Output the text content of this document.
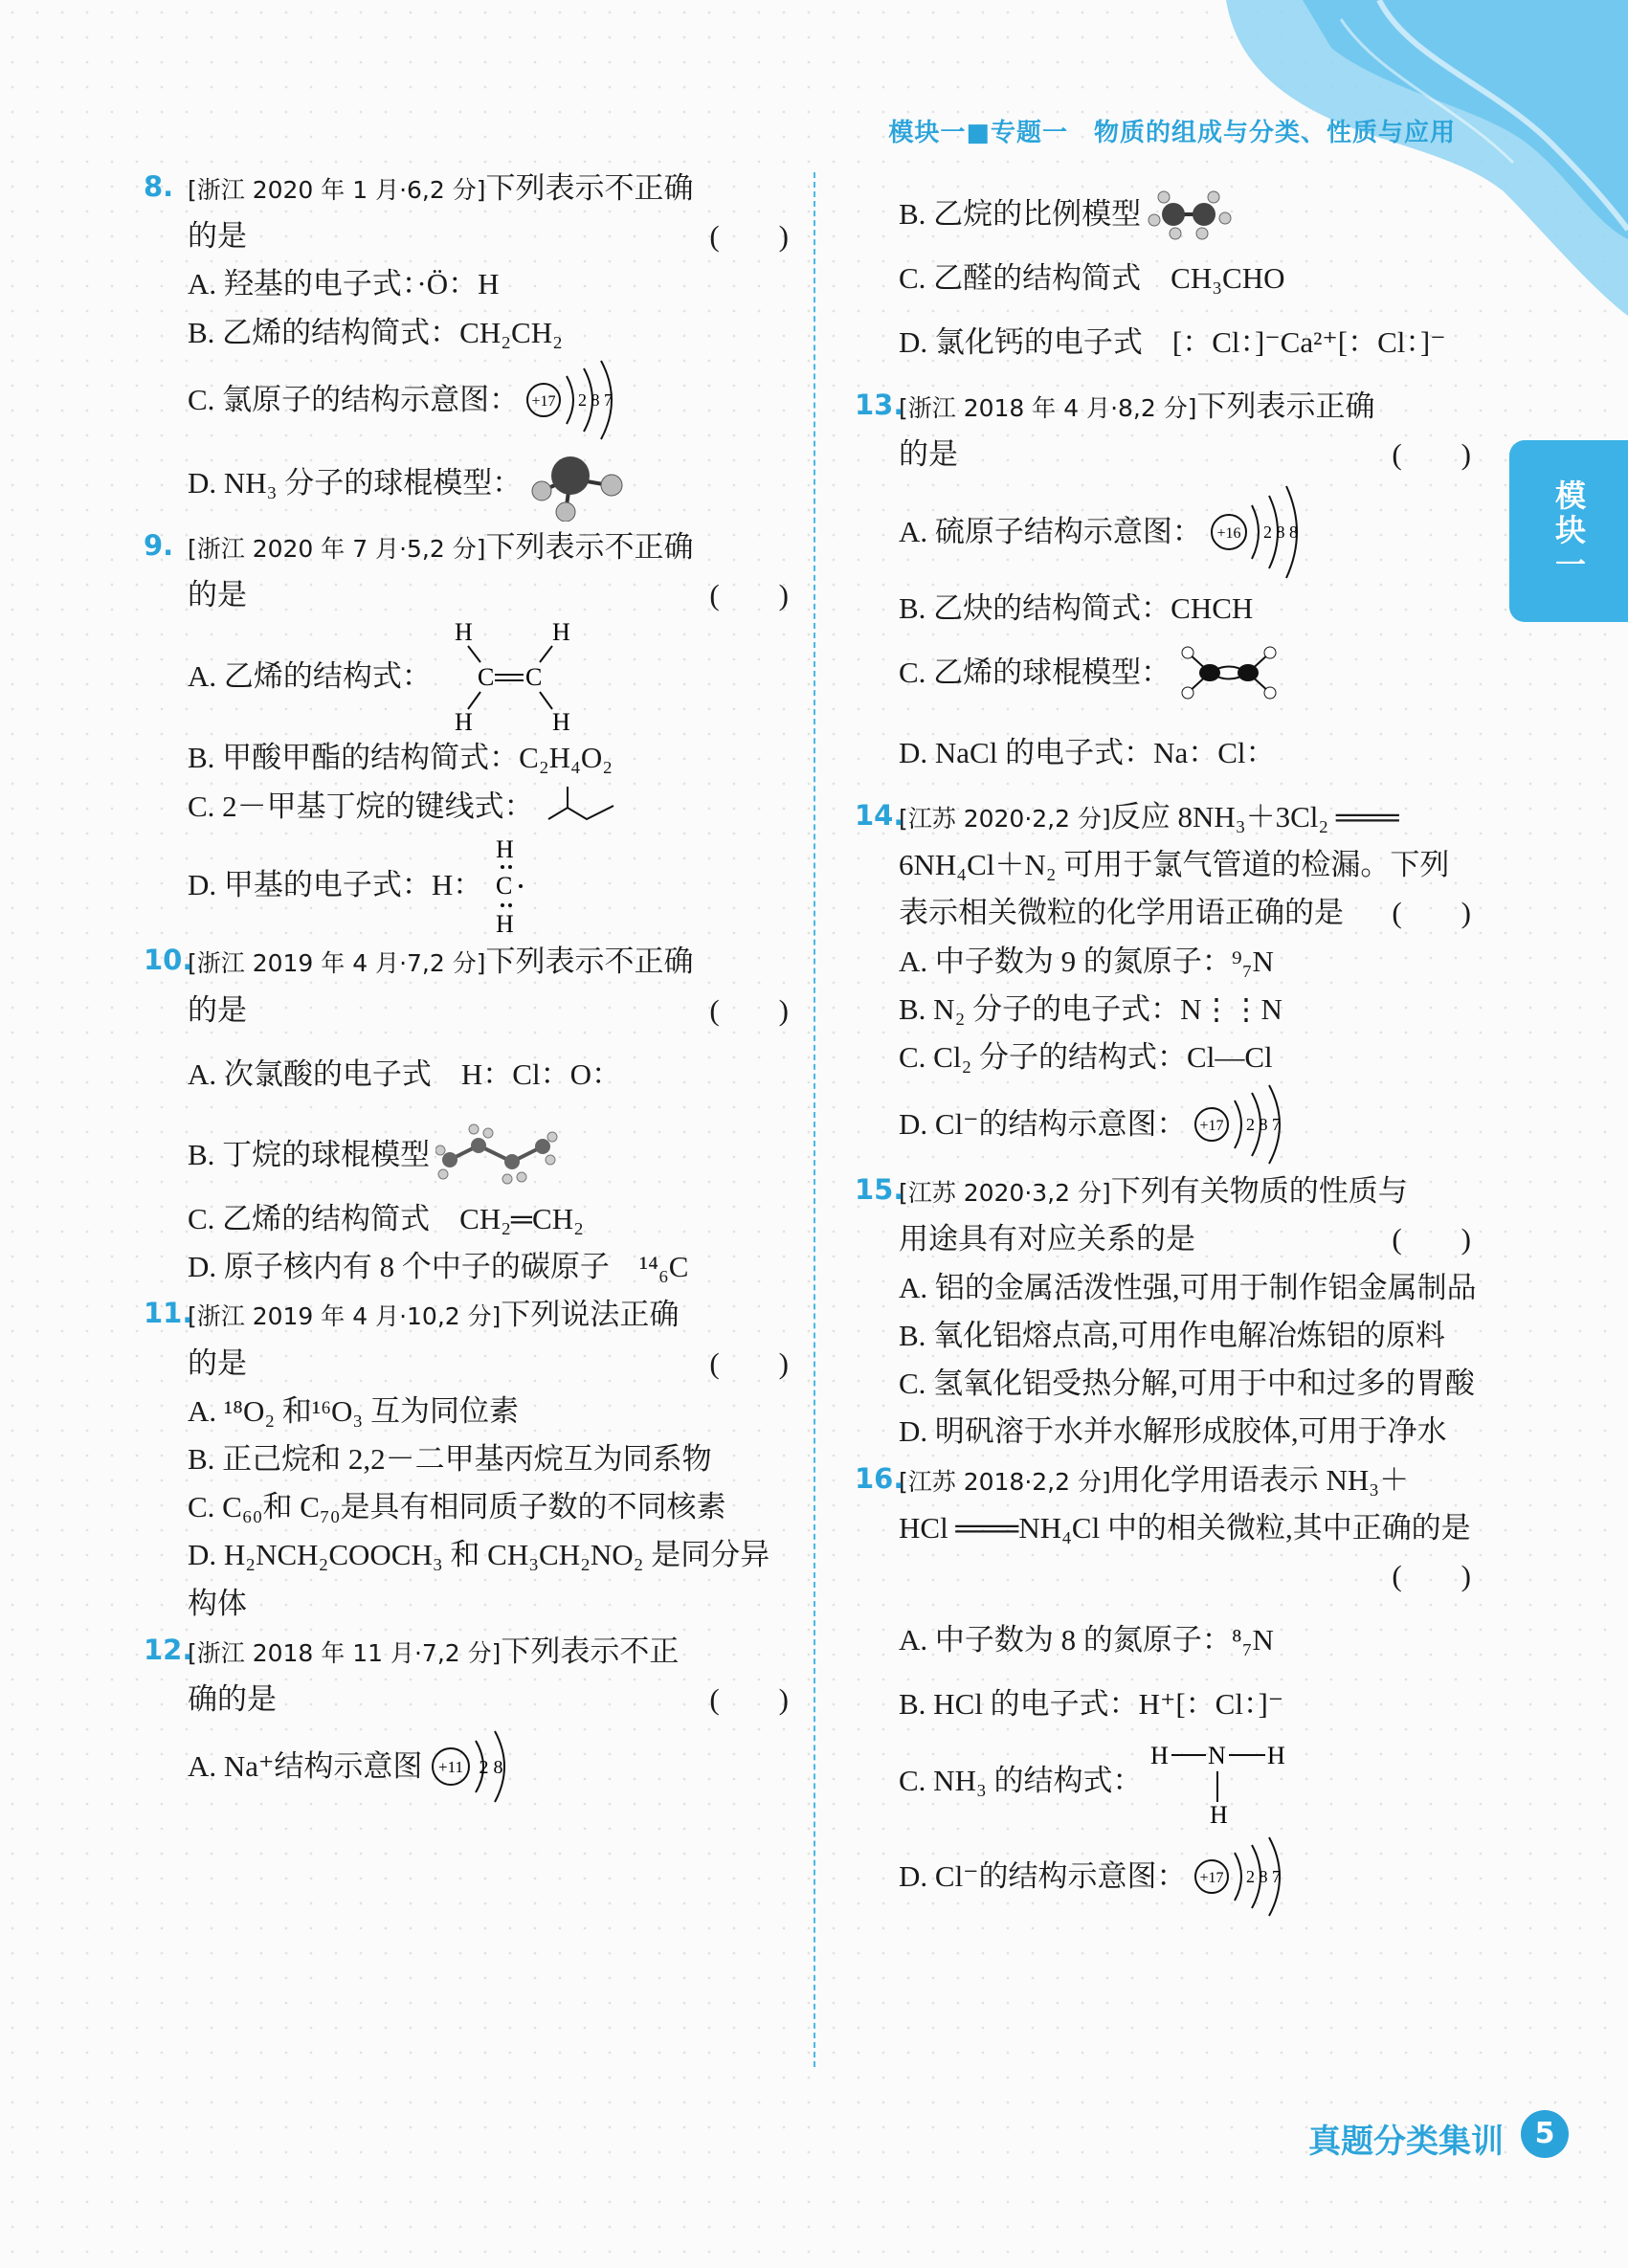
模块一■专题一　物质的组成与分类、性质与应用
模块一
8. [浙江 2020 年 1 月·6,2 分]下列表示不正确
的是	(　　)
A. 羟基的电子式：·Ö：H
B. 乙烯的结构简式：CH₂CH₂
C. 氯原子的结构示意图： +17 2 8 7
D. NH₃ 分子的球棍模型：
9. [浙江 2020 年 7 月·5,2 分]下列表示不正确
的是	(　　)
A. 乙烯的结构式：
H	H
H	H
C C
B. 甲酸甲酯的结构简式：C₂H₄O₂
C. 2－甲基丁烷的键线式：
D. 甲基的电子式：H：
H
C
H
10.
[浙江 2019 年 4 月·7,2 分]下列表示不正确
的是	(　　)
A. 次氯酸的电子式　H：Cl：O：
B. 丁烷的球棍模型
C. 乙烯的结构简式　CH₂═CH₂
D. 原子核内有 8 个中子的碳原子　¹⁴₆C
11.
[浙江 2019 年 4 月·10,2 分]下列说法正确
的是	(　　)
A. ¹⁸O₂ 和¹⁶O₃ 互为同位素
B. 正己烷和 2,2－二甲基丙烷互为同系物
C. C₆₀和 C₇₀是具有相同质子数的不同核素
D. H₂NCH₂COOCH₃ 和 CH₃CH₂NO₂ 是同分异构体
12.
[浙江 2018 年 11 月·7,2 分]下列表示不正
确的是	(　　)
A. Na⁺结构示意图 +11 2 8
B. 乙烷的比例模型
C. 乙醛的结构简式　CH₃CHO
D. 氯化钙的电子式　[：Cl：]⁻Ca²⁺[：Cl：]⁻
13.
[浙江 2018 年 4 月·8,2 分]下列表示正确
的是	(　　)
A. 硫原子结构示意图： +16 2 8 8
B. 乙炔的结构简式：CHCH
C. 乙烯的球棍模型：
D. NaCl 的电子式：Na：Cl：
14.
[江苏 2020·2,2 分]反应 8NH₃＋3Cl₂ ═══
6NH₄Cl＋N₂ 可用于氯气管道的检漏。下列
表示相关微粒的化学用语正确的是 (　　)
A. 中子数为 9 的氮原子：⁹₇N
B. N₂ 分子的电子式：N⋮⋮N
C. Cl₂ 分子的结构式：Cl—Cl
D. Cl⁻的结构示意图： +17 2 8 7
15.
[江苏 2020·3,2 分]下列有关物质的性质与
用途具有对应关系的是	(　　)
A. 铝的金属活泼性强,可用于制作铝金属制品
B. 氧化铝熔点高,可用作电解冶炼铝的原料
C. 氢氧化铝受热分解,可用于中和过多的胃酸
D. 明矾溶于水并水解形成胶体,可用于净水
16.
[江苏 2018·2,2 分]用化学用语表示 NH₃＋
HCl ═══NH₄Cl 中的相关微粒,其中正确的是
(　　)
A. 中子数为 8 的氮原子：⁸₇N
B. HCl 的电子式：H⁺[：Cl：]⁻
C. NH₃ 的结构式：
H N H
H
D. Cl⁻的结构示意图： +17 2 8 7
真题分类集训	5
